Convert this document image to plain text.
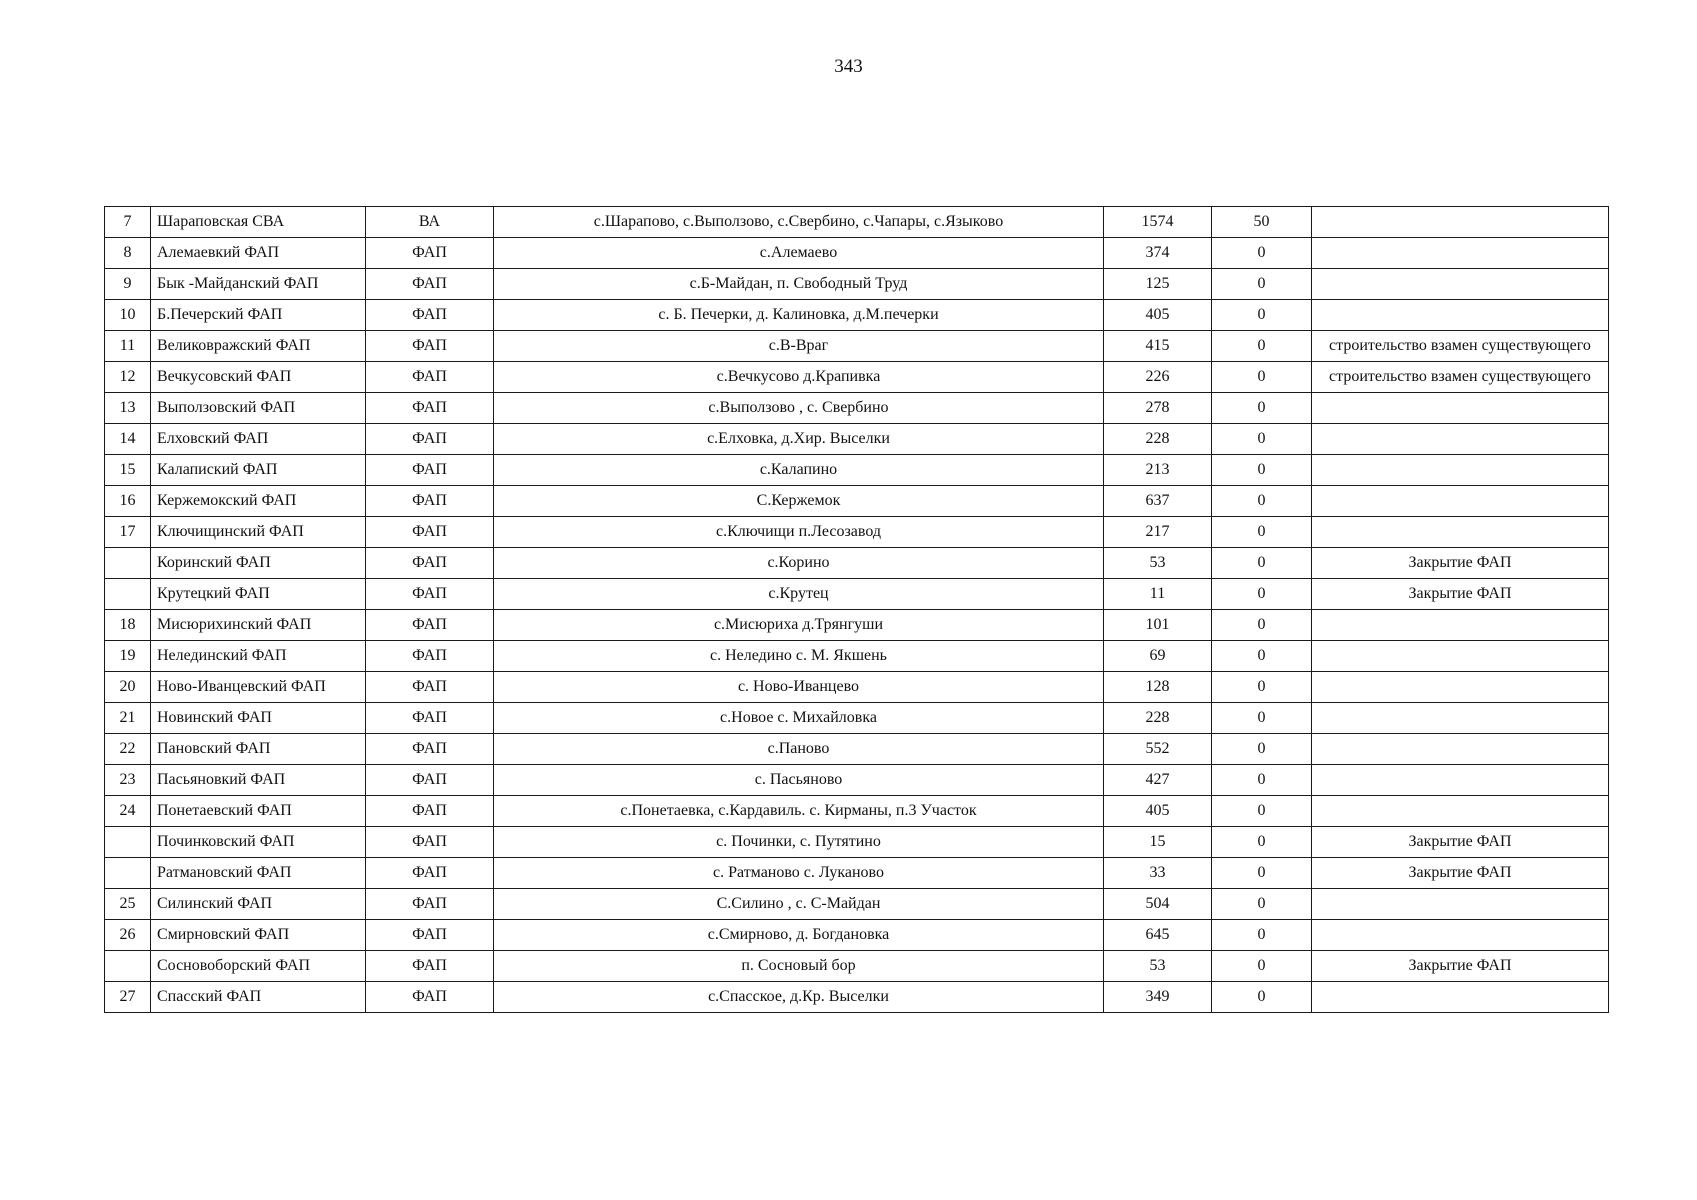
343
7	Шараповская СВА	ВА	с.Шарапово, с.Выползово, с.Свербино, с.Чапары, с.Языково	1574	50	
8	Алемаевкий ФАП	ФАП	с.Алемаево	374	0	
9	Бык -Майданский ФАП	ФАП	с.Б-Майдан, п. Свободный Труд	125	0	
10	Б.Печерский ФАП	ФАП	с. Б. Печерки, д. Калиновка, д.М.печерки	405	0	
11	Великовражский ФАП	ФАП	с.В-Враг	415	0	строительство взамен существующего
12	Вечкусовский ФАП	ФАП	с.Вечкусово д.Крапивка	226	0	строительство взамен существующего
13	Выползовский ФАП	ФАП	с.Выползово , с. Свербино	278	0	
14	Елховский ФАП	ФАП	с.Елховка, д.Хир. Выселки	228	0	
15	Калапиский ФАП	ФАП	с.Калапино	213	0	
16	Кержемокский ФАП	ФАП	С.Кержемок	637	0	
17	Ключищинский ФАП	ФАП	с.Ключищи п.Лесозавод	217	0	
	Коринский ФАП	ФАП	с.Корино	53	0	Закрытие ФАП
	Крутецкий ФАП	ФАП	с.Крутец	11	0	Закрытие ФАП
18	Мисюрихинский ФАП	ФАП	с.Мисюриха д.Трянгуши	101	0	
19	Нелединский ФАП	ФАП	с. Неледино с. М. Якшень	69	0	
20	Ново-Иванцевский ФАП	ФАП	с. Ново-Иванцево	128	0	
21	Новинский ФАП	ФАП	с.Новое с. Михайловка	228	0	
22	Пановский ФАП	ФАП	с.Паново	552	0	
23	Пасьяновкий ФАП	ФАП	с. Пасьяново	427	0	
24	Понетаевский ФАП	ФАП	с.Понетаевка, с.Кардавиль. с. Кирманы, п.3 Участок	405	0	
	Починковский ФАП	ФАП	с. Починки, с. Путятино	15	0	Закрытие ФАП
	Ратмановский ФАП	ФАП	с. Ратманово с. Луканово	33	0	Закрытие ФАП
25	Силинский ФАП	ФАП	С.Силино , с. С-Майдан	504	0	
26	Смирновский ФАП	ФАП	с.Смирново, д. Богдановка	645	0	
	Сосновоборский ФАП	ФАП	п. Сосновый бор	53	0	Закрытие ФАП
27	Спасский ФАП	ФАП	с.Спасское, д.Кр. Выселки	349	0	
